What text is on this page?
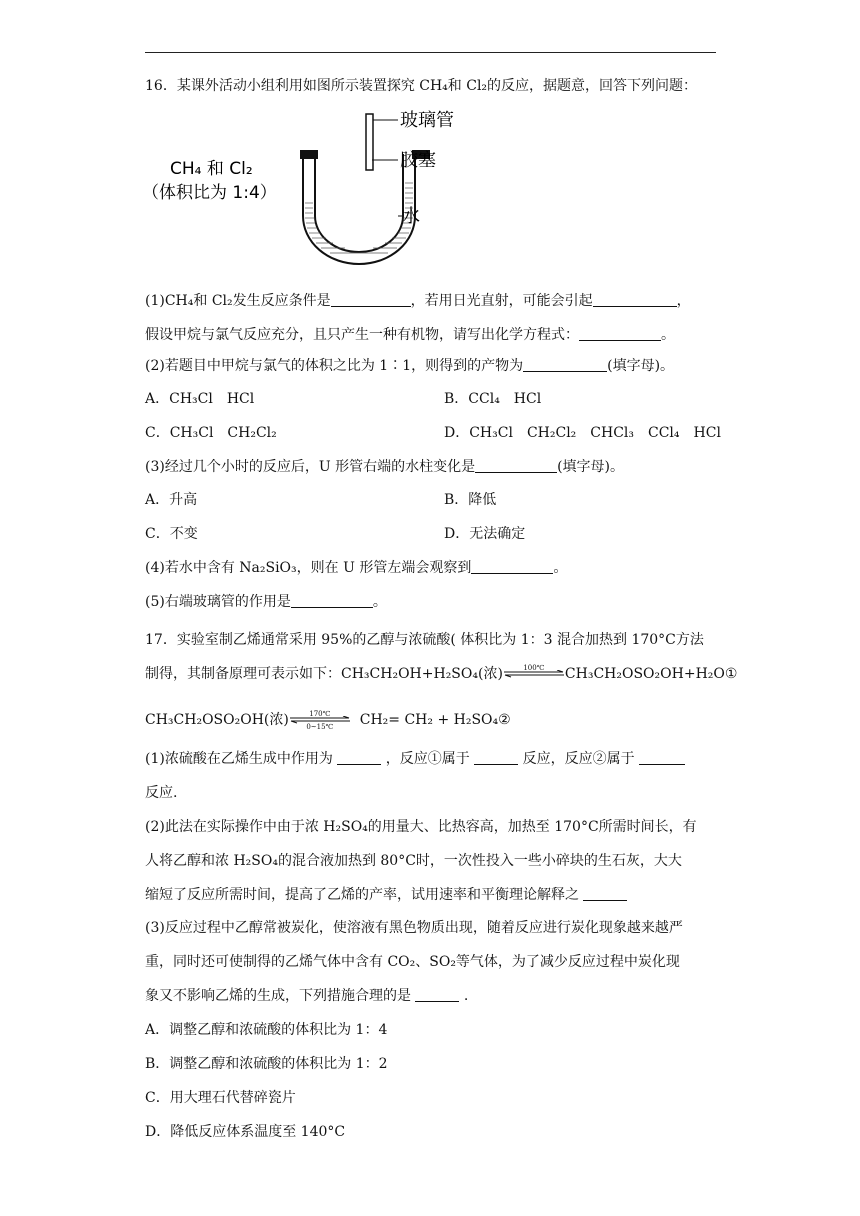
16．某课外活动小组利用如图所示装置探究 CH₄和 Cl₂的反应，据题意，回答下列问题：
玻璃管
胶塞
水
CH₄ 和 Cl₂
（体积比为 1:4）
(1)CH₄和 Cl₂发生反应条件是	，若用日光直射，可能会引起	，
假设甲烷与氯气反应充分，且只产生一种有机物，请写出化学方程式：	。
(2)若题目中甲烷与氯气的体积之比为 1∶1，则得到的产物为	(填字母)。
A．CH₃Cl　HCl	B．CCl₄　HCl
C．CH₃Cl　CH₂Cl₂	D．CH₃Cl　CH₂Cl₂　CHCl₃　CCl₄　HCl
(3)经过几个小时的反应后，U 形管右端的水柱变化是	(填字母)。
A．升高	B．降低
C．不变	D．无法确定
(4)若水中含有 Na₂SiO₃，则在 U 形管左端会观察到	。
(5)右端玻璃管的作用是	。
17．实验室制乙烯通常采用 95%的乙醇与浓硫酸( 体积比为 1：3 混合加热到 170°C方法
制得，其制备原理可表示如下：CH₃CH₂OH+H₂SO₄(浓)	100℃	CH₃CH₂OSO₂OH+H₂O①
CH₃CH₂OSO₂OH(浓)	170℃
0~15℃	CH₂= CH₂ + H₂SO₄②
(1)浓硫酸在乙烯生成中作用为	，反应①属于	反应，反应②属于
反应.
(2)此法在实际操作中由于浓 H₂SO₄的用量大、比热容高，加热至 170°C所需时间长，有
人将乙醇和浓 H₂SO₄的混合液加热到 80°C时，一次性投入一些小碎块的生石灰，大大
缩短了反应所需时间，提高了乙烯的产率，试用速率和平衡理论解释之
(3)反应过程中乙醇常被炭化，使溶液有黑色物质出现，随着反应进行炭化现象越来越严
重，同时还可使制得的乙烯气体中含有 CO₂、SO₂等气体，为了减少反应过程中炭化现
象又不影响乙烯的生成，下列措施合理的是	.
A．调整乙醇和浓硫酸的体积比为 1：4
B．调整乙醇和浓硫酸的体积比为 1：2
C．用大理石代替碎瓷片
D．降低反应体系温度至 140°C
